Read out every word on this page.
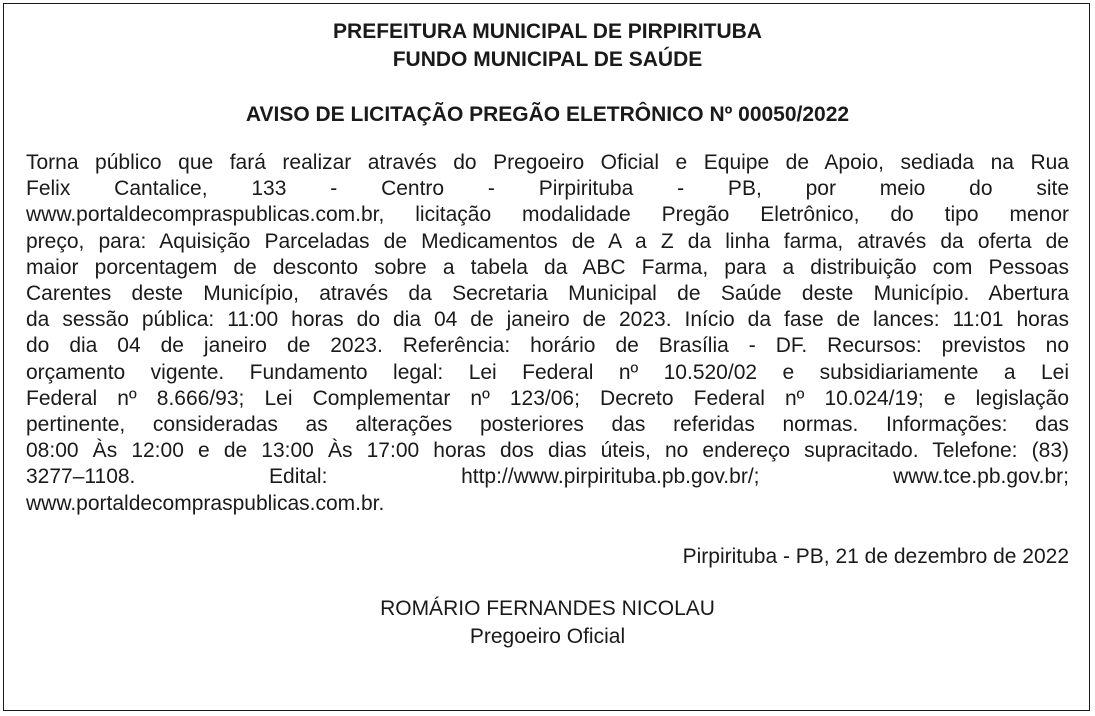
PREFEITURA MUNICIPAL DE PIRPIRITUBA
FUNDO MUNICIPAL DE SAÚDE
AVISO DE LICITAÇÃO PREGÃO ELETRÔNICO Nº 00050/2022
Torna público que fará realizar através do Pregoeiro Oficial e Equipe de Apoio, sediada na Rua
Felix Cantalice, 133 - Centro - Pirpirituba - PB, por meio do site
www.portaldecompraspublicas.com.br, licitação modalidade Pregão Eletrônico, do tipo menor
preço, para: Aquisição Parceladas de Medicamentos de A a Z da linha farma, através da oferta de
maior porcentagem de desconto sobre a tabela da ABC Farma, para a distribuição com Pessoas
Carentes deste Município, através da Secretaria Municipal de Saúde deste Município. Abertura
da sessão pública: 11:00 horas do dia 04 de janeiro de 2023. Início da fase de lances: 11:01 horas
do dia 04 de janeiro de 2023. Referência: horário de Brasília - DF. Recursos: previstos no
orçamento vigente. Fundamento legal: Lei Federal nº 10.520/02 e subsidiariamente a Lei
Federal nº 8.666/93; Lei Complementar nº 123/06; Decreto Federal nº 10.024/19; e legislação
pertinente, consideradas as alterações posteriores das referidas normas. Informações: das
08:00 Às 12:00 e de 13:00 Às 17:00 horas dos dias úteis, no endereço supracitado. Telefone: (83)
3277–1108. Edital: http://www.pirpirituba.pb.gov.br/; www.tce.pb.gov.br;
www.portaldecompraspublicas.com.br.
Pirpirituba - PB, 21 de dezembro de 2022
ROMÁRIO FERNANDES NICOLAU
Pregoeiro Oficial
